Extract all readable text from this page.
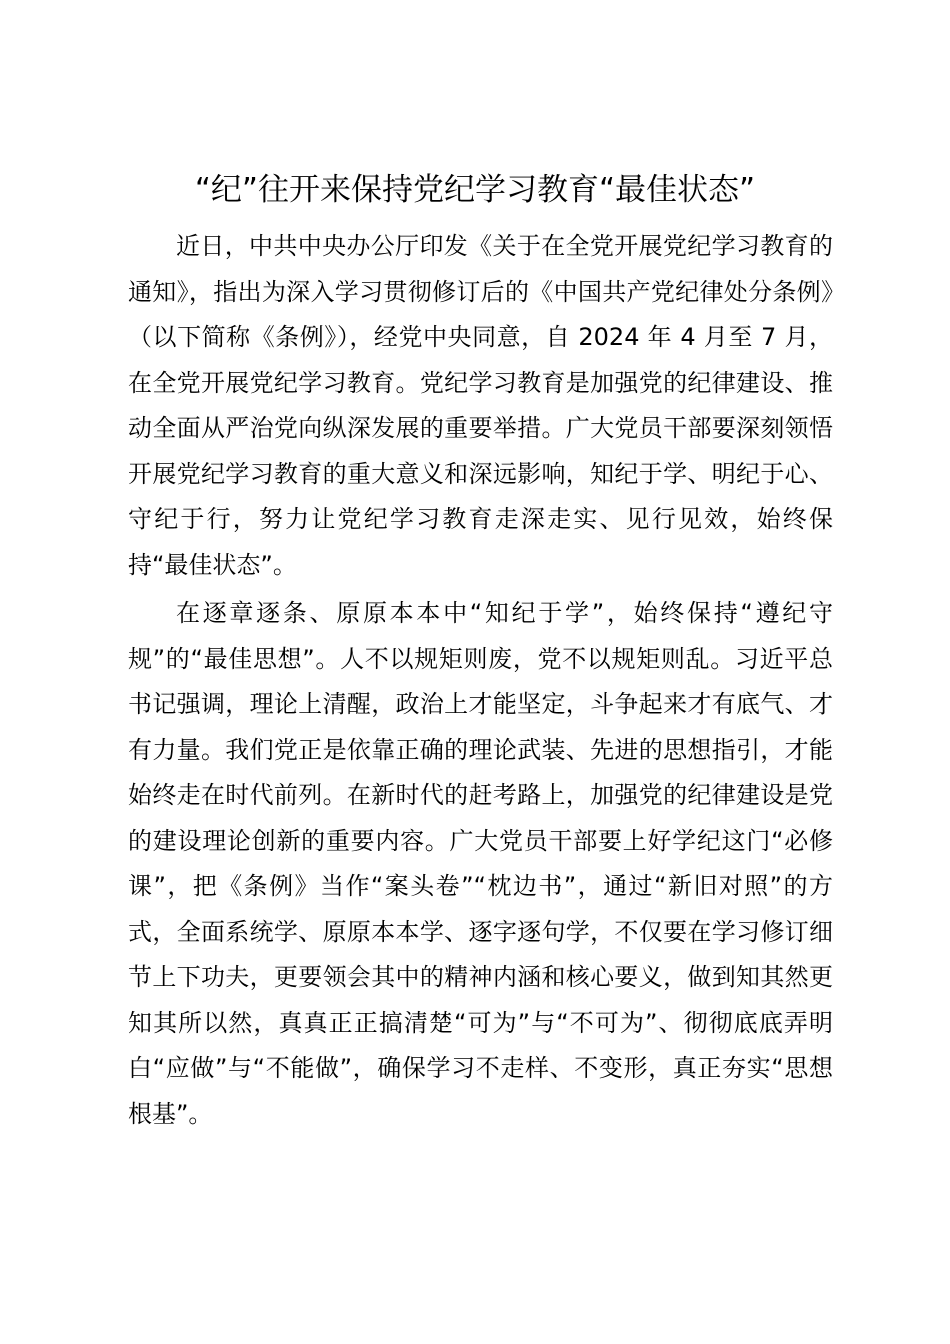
“纪”往开来保持党纪学习教育“最佳状态”

近日，中共中央办公厅印发《关于在全党开展党纪学习教育的通知》，指出为深入学习贯彻修订后的《中国共产党纪律处分条例》（以下简称《条例》），经党中央同意，自 2024 年 4 月至 7 月，在全党开展党纪学习教育。党纪学习教育是加强党的纪律建设、推动全面从严治党向纵深发展的重要举措。广大党员干部要深刻领悟开展党纪学习教育的重大意义和深远影响，知纪于学、明纪于心、守纪于行，努力让党纪学习教育走深走实、见行见效，始终保持“最佳状态”。

在逐章逐条、原原本本中“知纪于学”，始终保持“遵纪守规”的“最佳思想”。人不以规矩则废，党不以规矩则乱。习近平总书记强调，理论上清醒，政治上才能坚定，斗争起来才有底气、才有力量。我们党正是依靠正确的理论武装、先进的思想指引，才能始终走在时代前列。在新时代的赶考路上，加强党的纪律建设是党的建设理论创新的重要内容。广大党员干部要上好学纪这门“必修课”，把《条例》当作“案头卷”“枕边书”，通过“新旧对照”的方式，全面系统学、原原本本学、逐字逐句学，不仅要在学习修订细节上下功夫，更要领会其中的精神内涵和核心要义，做到知其然更知其所以然，真真正正搞清楚“可为”与“不可为”、彻彻底底弄明白“应做”与“不能做”，确保学习不走样、不变形，真正夯实“思想根基”。
